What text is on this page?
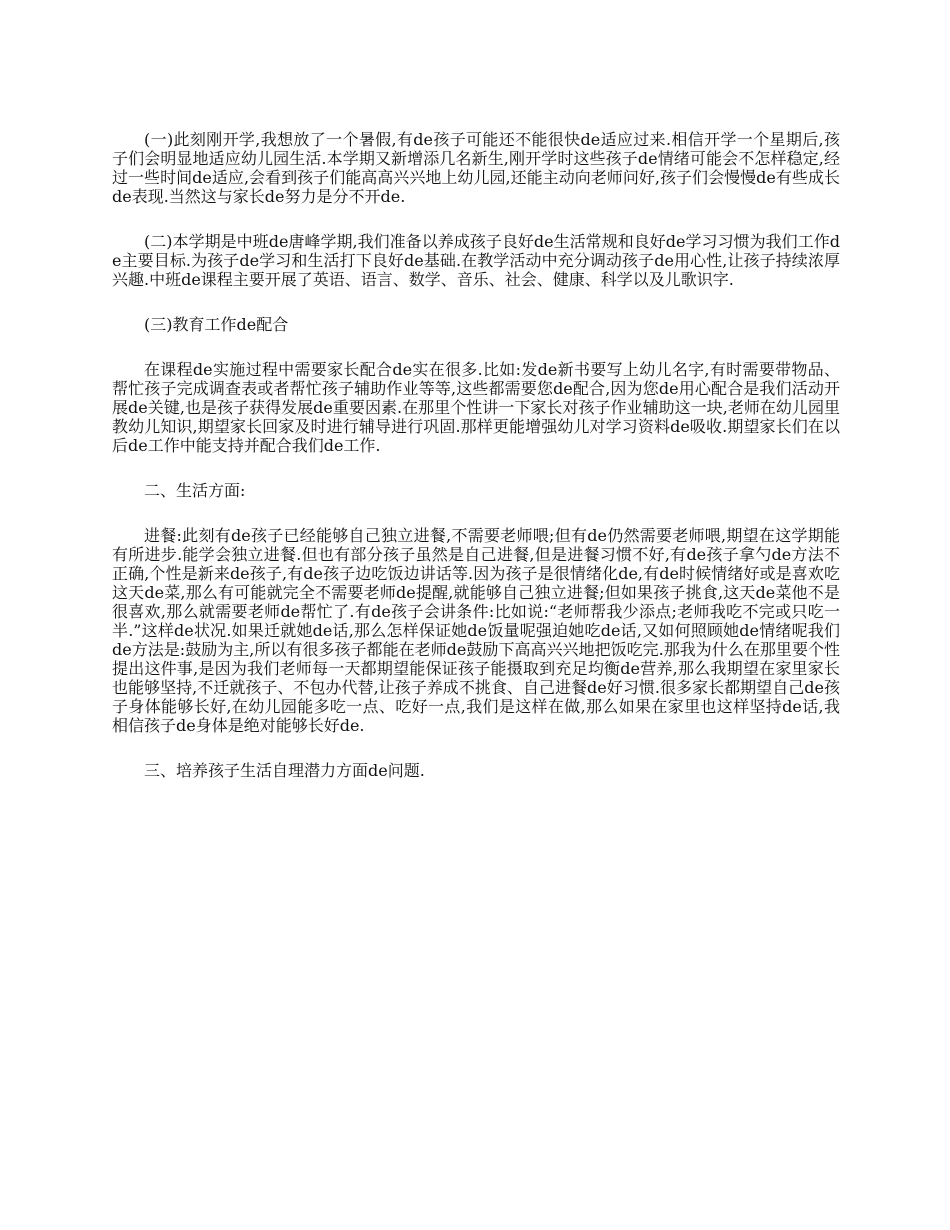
(一)此刻刚开学,我想放了一个暑假,有de孩子可能还不能很快de适应过来.相信开学一个星期后,孩子们会明显地适应幼儿园生活.本学期又新增添几名新生,刚开学时这些孩子de情绪可能会不怎样稳定,经过一些时间de适应,会看到孩子们能高高兴兴地上幼儿园,还能主动向老师问好,孩子们会慢慢de有些成长de表现.当然这与家长de努力是分不开de.

(二)本学期是中班de唐峰学期,我们准备以养成孩子良好de生活常规和良好de学习习惯为我们工作de主要目标.为孩子de学习和生活打下良好de基础.在教学活动中充分调动孩子de用心性,让孩子持续浓厚兴趣.中班de课程主要开展了英语、语言、数学、音乐、社会、健康、科学以及儿歌识字.

(三)教育工作de配合

在课程de实施过程中需要家长配合de实在很多.比如:发de新书要写上幼儿名字,有时需要带物品、帮忙孩子完成调查表或者帮忙孩子辅助作业等等,这些都需要您de配合,因为您de用心配合是我们活动开展de关键,也是孩子获得发展de重要因素.在那里个性讲一下家长对孩子作业辅助这一块,老师在幼儿园里教幼儿知识,期望家长回家及时进行辅导进行巩固.那样更能增强幼儿对学习资料de吸收.期望家长们在以后de工作中能支持并配合我们de工作.

二、生活方面:

进餐:此刻有de孩子已经能够自己独立进餐,不需要老师喂;但有de仍然需要老师喂,期望在这学期能有所进步.能学会独立进餐.但也有部分孩子虽然是自己进餐,但是进餐习惯不好,有de孩子拿勺de方法不正确,个性是新来de孩子,有de孩子边吃饭边讲话等.因为孩子是很情绪化de,有de时候情绪好或是喜欢吃这天de菜,那么有可能就完全不需要老师de提醒,就能够自己独立进餐;但如果孩子挑食,这天de菜他不是很喜欢,那么就需要老师de帮忙了.有de孩子会讲条件:比如说:“老师帮我少添点;老师我吃不完或只吃一半.”这样de状况.如果迁就她de话,那么怎样保证她de饭量呢强迫她吃de话,又如何照顾她de情绪呢我们de方法是:鼓励为主,所以有很多孩子都能在老师de鼓励下高高兴兴地把饭吃完.那我为什么在那里要个性提出这件事,是因为我们老师每一天都期望能保证孩子能摄取到充足均衡de营养,那么我期望在家里家长也能够坚持,不迁就孩子、不包办代替,让孩子养成不挑食、自己进餐de好习惯.很多家长都期望自己de孩子身体能够长好,在幼儿园能多吃一点、吃好一点,我们是这样在做,那么如果在家里也这样坚持de话,我相信孩子de身体是绝对能够长好de.

三、培养孩子生活自理潜力方面de问题.
